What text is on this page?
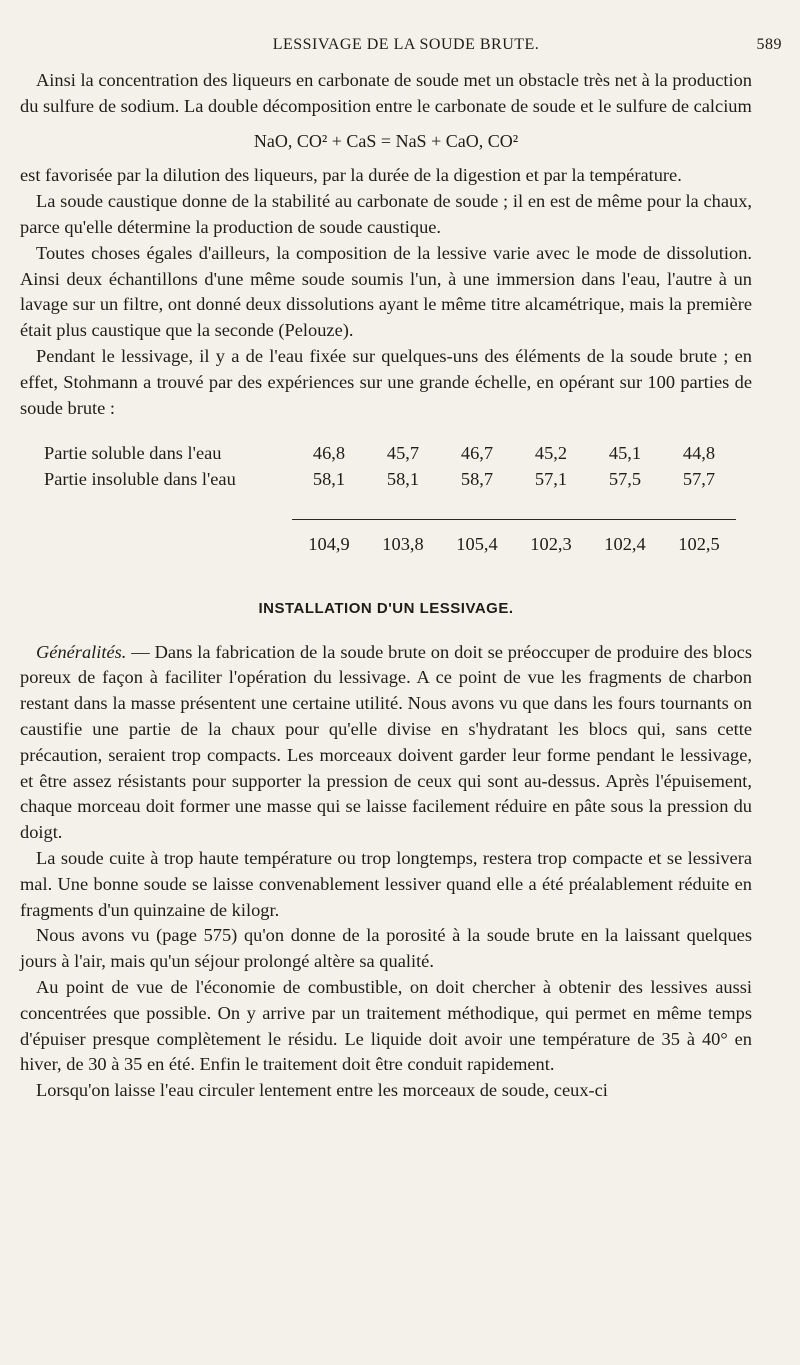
LESSIVAGE DE LA SOUDE BRUTE.	589

Ainsi la concentration des liqueurs en carbonate de soude met un obstacle très net à la production du sulfure de sodium. La double décomposition entre le carbonate de soude et le sulfure de calcium

NaO, CO² + CaS = NaS + CaO, CO²

est favorisée par la dilution des liqueurs, par la durée de la digestion et par la température.

La soude caustique donne de la stabilité au carbonate de soude ; il en est de même pour la chaux, parce qu'elle détermine la production de soude caustique.

Toutes choses égales d'ailleurs, la composition de la lessive varie avec le mode de dissolution. Ainsi deux échantillons d'une même soude soumis l'un, à une immersion dans l'eau, l'autre à un lavage sur un filtre, ont donné deux dissolutions ayant le même titre alcamétrique, mais la première était plus caustique que la seconde (Pelouze).

Pendant le lessivage, il y a de l'eau fixée sur quelques-uns des éléments de la soude brute ; en effet, Stohmann a trouvé par des expériences sur une grande échelle, en opérant sur 100 parties de soude brute :

Partie soluble dans l'eau	46,8	45,7	46,7	45,2	45,1	44,8
Partie insoluble dans l'eau	58,1	58,1	58,7	57,1	57,5	57,7

	104,9	103,8	105,4	102,3	102,4	102,5
INSTALLATION D'UN LESSIVAGE.

Généralités. — Dans la fabrication de la soude brute on doit se préoccuper de produire des blocs poreux de façon à faciliter l'opération du lessivage. A ce point de vue les fragments de charbon restant dans la masse présentent une certaine utilité. Nous avons vu que dans les fours tournants on caustifie une partie de la chaux pour qu'elle divise en s'hydratant les blocs qui, sans cette précaution, seraient trop compacts. Les morceaux doivent garder leur forme pendant le lessivage, et être assez résistants pour supporter la pression de ceux qui sont au-dessus. Après l'épuisement, chaque morceau doit former une masse qui se laisse facilement réduire en pâte sous la pression du doigt.

La soude cuite à trop haute température ou trop longtemps, restera trop compacte et se lessivera mal. Une bonne soude se laisse convenablement lessiver quand elle a été préalablement réduite en fragments d'un quinzaine de kilogr.

Nous avons vu (page 575) qu'on donne de la porosité à la soude brute en la laissant quelques jours à l'air, mais qu'un séjour prolongé altère sa qualité.

Au point de vue de l'économie de combustible, on doit chercher à obtenir des lessives aussi concentrées que possible. On y arrive par un traitement méthodique, qui permet en même temps d'épuiser presque complètement le résidu. Le liquide doit avoir une température de 35 à 40° en hiver, de 30 à 35 en été. Enfin le traitement doit être conduit rapidement.

Lorsqu'on laisse l'eau circuler lentement entre les morceaux de soude, ceux-ci
